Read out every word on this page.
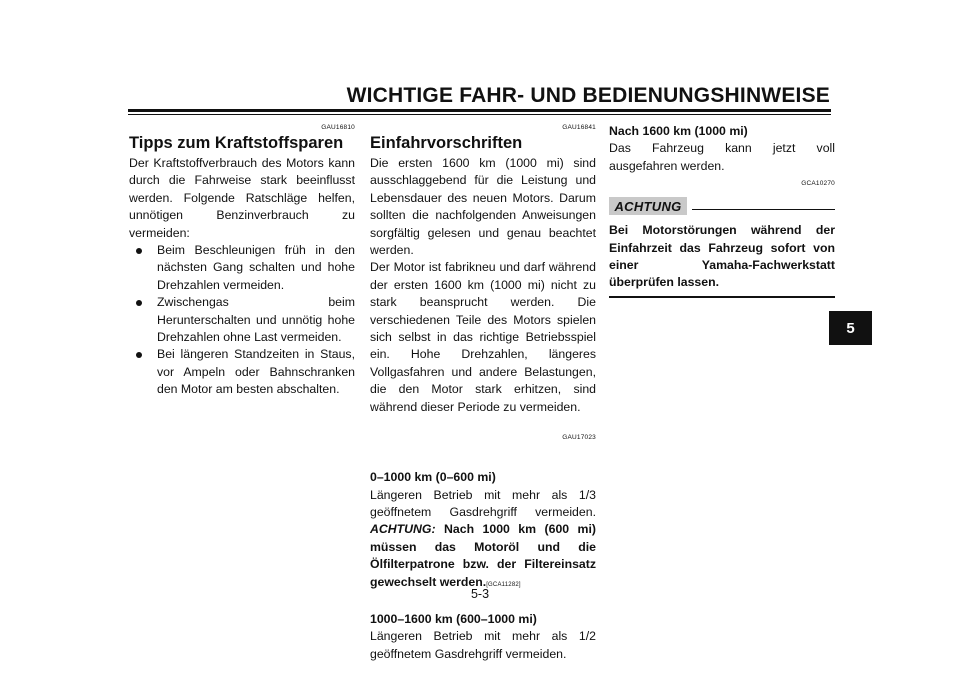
WICHTIGE FAHR- UND BEDIENUNGSHINWEISE
5
GAU16810
Tipps zum Kraftstoffsparen

Der Kraftstoffverbrauch des Motors kann durch die Fahrweise stark beeinflusst werden. Folgende Ratschläge helfen, unnötigen Benzinverbrauch zu vermeiden:

Beim Beschleunigen früh in den nächsten Gang schalten und hohe Drehzahlen vermeiden.
Zwischengas beim Herunterschalten und unnötig hohe Drehzahlen ohne Last vermeiden.
Bei längeren Standzeiten in Staus, vor Ampeln oder Bahnschranken den Motor am besten abschalten.
GAU16841
Einfahrvorschriften

Die ersten 1600 km (1000 mi) sind ausschlaggebend für die Leistung und Lebensdauer des neuen Motors. Darum sollten die nachfolgenden Anweisungen sorgfältig gelesen und genau beachtet werden.

Der Motor ist fabrikneu und darf während der ersten 1600 km (1000 mi) nicht zu stark beansprucht werden. Die verschiedenen Teile des Motors spielen sich selbst in das richtige Betriebsspiel ein. Hohe Drehzahlen, längeres Vollgasfahren und andere Belastungen, die den Motor stark erhitzen, sind während dieser Periode zu vermeiden.

GAU17023
0–1000 km (0–600 mi)

Längeren Betrieb mit mehr als 1/3 geöffnetem Gasdrehgriff vermeiden. ACHTUNG: Nach 1000 km (600 mi) müssen das Motoröl und die Ölfilterpatrone bzw. der Filtereinsatz gewechselt werden.[GCA11282]

1000–1600 km (600–1000 mi)

Längeren Betrieb mit mehr als 1/2 geöffnetem Gasdrehgriff vermeiden.

Nach 1600 km (1000 mi)

Das Fahrzeug kann jetzt voll ausgefahren werden.

GCA10270
ACHTUNG

Bei Motorstörungen während der Einfahrzeit das Fahrzeug sofort von einer Yamaha-Fachwerkstatt überprüfen lassen.

5-3
